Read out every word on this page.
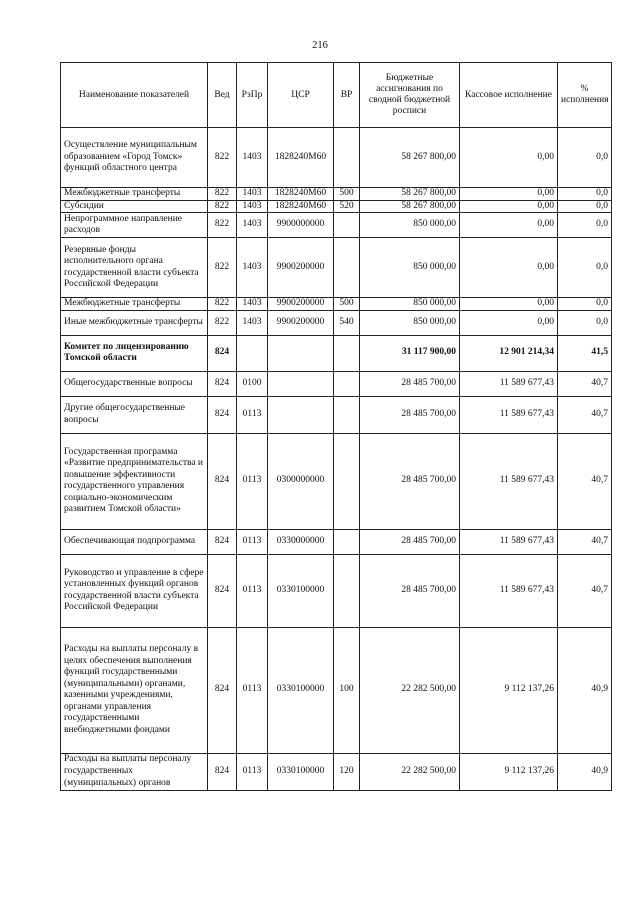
216
Наименование показателей	Вед	РзПр	ЦСР	ВР	Бюджетные ассигнования по сводной бюджетной росписи	Кассовое исполнение	% исполнения
Осуществление муниципальным образованием «Город Томск» функций областного центра	822	1403	1828240М60		58 267 800,00	0,00	0,0
Межбюджетные трансферты	822	1403	1828240М60	500	58 267 800,00	0,00	0,0
Субсидии	822	1403	1828240М60	520	58 267 800,00	0,00	0,0
Непрограммное направление расходов	822	1403	9900000000		850 000,00	0,00	0,0
Резервные фонды исполнительного органа государственной власти субъекта Российской Федерации	822	1403	9900200000		850 000,00	0,00	0,0
Межбюджетные трансферты	822	1403	9900200000	500	850 000,00	0,00	0,0
Иные межбюджетные трансферты	822	1403	9900200000	540	850 000,00	0,00	0,0
Комитет по лицензированию Томской области	824				31 117 900,00	12 901 214,34	41,5
Общегосударственные вопросы	824	0100			28 485 700,00	11 589 677,43	40,7
Другие общегосударственные вопросы	824	0113			28 485 700,00	11 589 677,43	40,7
Государственная программа «Развитие предпринимательства и повышение эффективности государственного управления социально-экономическим развитием Томской области»	824	0113	0300000000		28 485 700,00	11 589 677,43	40,7
Обеспечивающая подпрограмма	824	0113	0330000000		28 485 700,00	11 589 677,43	40,7
Руководство и управление в сфере установленных функций органов государственной власти субъекта Российской Федерации	824	0113	0330100000		28 485 700,00	11 589 677,43	40,7
Расходы на выплаты персоналу в целях обеспечения выполнения функций государственными (муниципальными) органами, казенными учреждениями, органами управления государственными внебюджетными фондами	824	0113	0330100000	100	22 282 500,00	9 112 137,26	40,9
Расходы на выплаты персоналу государственных (муниципальных) органов	824	0113	0330100000	120	22 282 500,00	9 112 137,26	40,9
